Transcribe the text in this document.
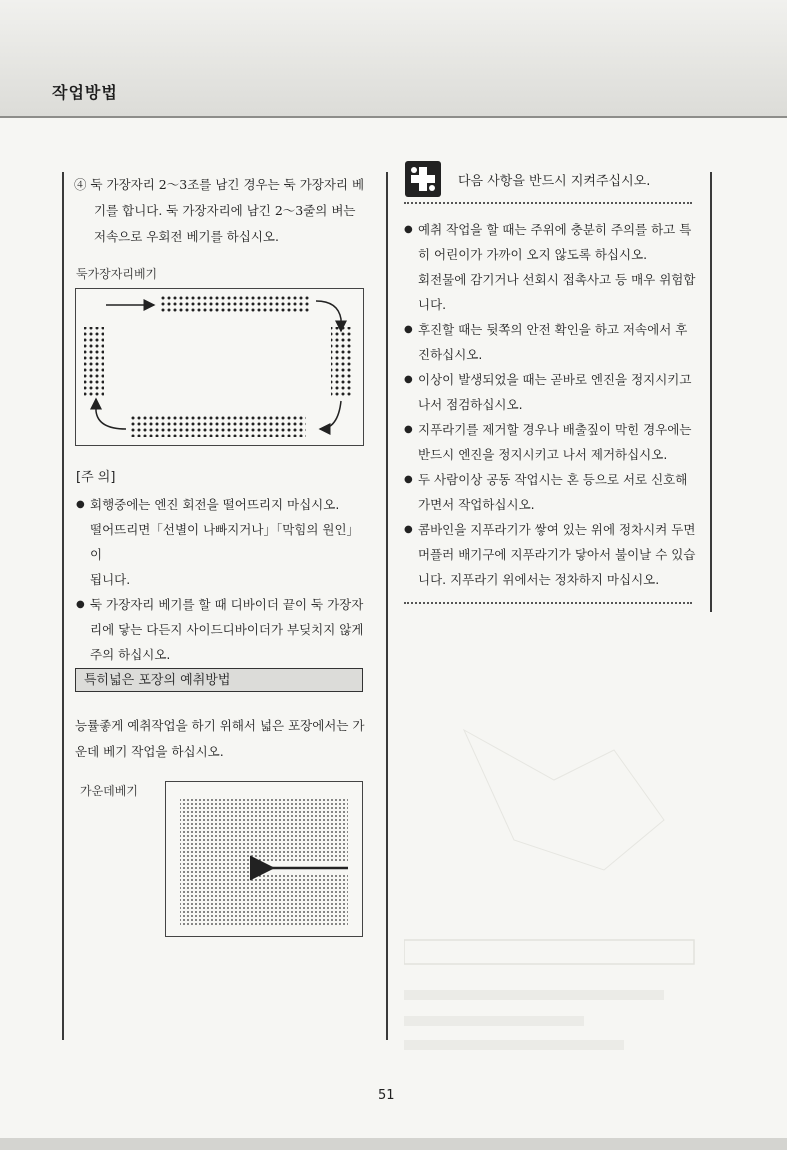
작업방법
④ 둑 가장자리 2～3조를 남긴 경우는 둑 가장자리 베
기를 합니다. 둑 가장자리에 남긴 2～3줄의 벼는
저속으로 우회전 베기를 하십시오.
둑가장자리베기
[주 의]
● 회행중에는 엔진 회전을 떨어뜨리지 마십시오.
떨어뜨리면「선별이 나빠지거나」「막힘의 원인」이
됩니다.
● 둑 가장자리 베기를 할 때 디바이더 끝이 둑 가장자
리에 닿는 다든지 사이드디바이더가 부딪치지 않게
주의 하십시오.
특히넓은 포장의 예취방법
능률좋게 예취작업을 하기 위해서 넓은 포장에서는 가
운데 베기 작업을 하십시오.
가운데베기
다음 사항을 반드시 지켜주십시오.
● 예취 작업을 할 때는 주위에 충분히 주의를 하고 특
히 어린이가 가까이 오지 않도록 하십시오.
회전물에 감기거나 선회시 접촉사고 등 매우 위험합
니다.
● 후진할 때는 뒷쪽의 안전 확인을 하고 저속에서 후
진하십시오.
● 이상이 발생되었을 때는 곧바로 엔진을 정지시키고
나서 점검하십시오.
● 지푸라기를 제거할 경우나 배출짚이 막힌 경우에는
반드시 엔진을 정지시키고 나서 제거하십시오.
● 두 사람이상 공동 작업시는 혼 등으로 서로 신호해
가면서 작업하십시오.
● 콤바인을 지푸라기가 쌓여 있는 위에 정차시켜 두면
머플러 배기구에 지푸라기가 닿아서 불이날 수 있습
니다. 지푸라기 위에서는 정차하지 마십시오.
51
